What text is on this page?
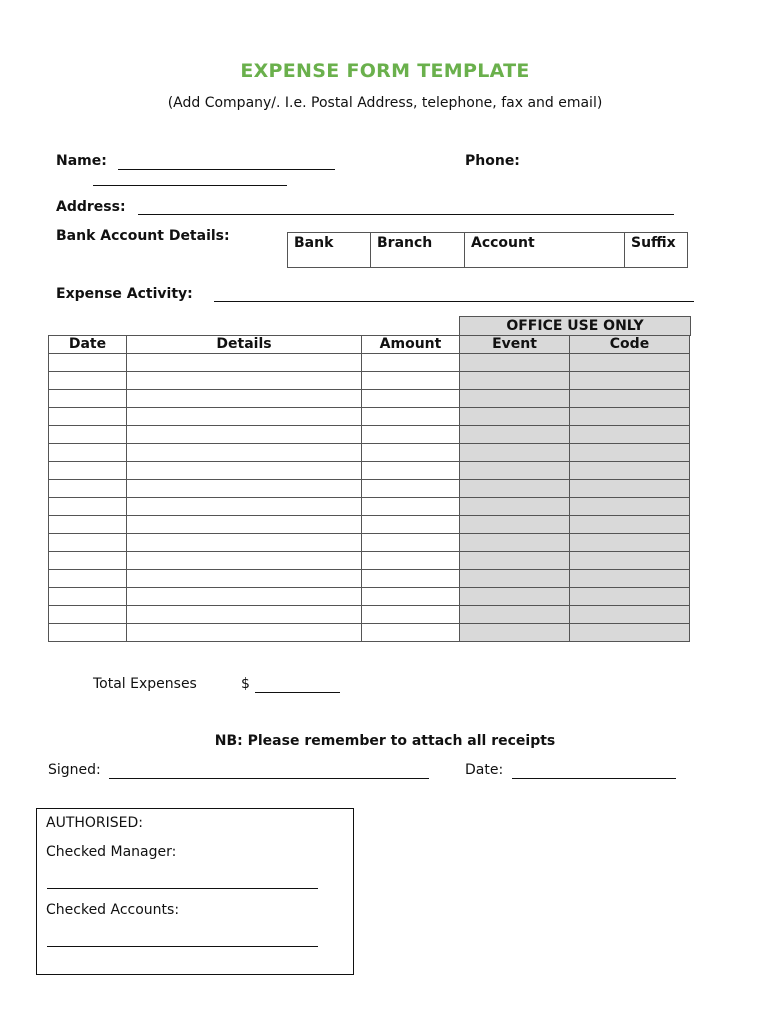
EXPENSE FORM TEMPLATE
(Add Company/. I.e. Postal Address, telephone, fax and email)
Name:	Phone:
Address:
Bank Account Details:	Bank	Branch	Account	Suffix
Expense Activity:
OFFICE USE ONLY
Date	Details	Amount	Event	Code

Total Expenses	$
NB: Please remember to attach all receipts
Signed:	Date:
AUTHORISED:
Checked Manager:
Checked Accounts:
